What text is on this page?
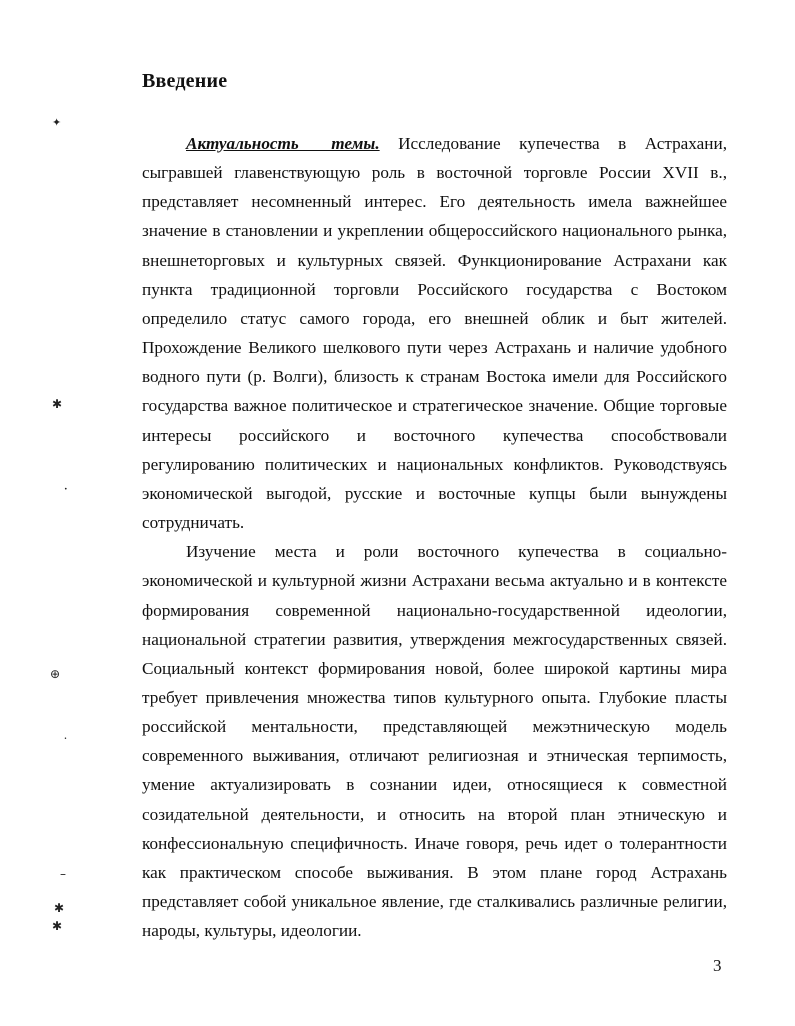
Введение

Актуальность темы. Исследование купечества в Астрахани, сыгравшей главенствующую роль в восточной торговле России XVII в., представляет несомненный интерес. Его деятельность имела важнейшее значение в становлении и укреплении общероссийского национального рынка, внешнеторговых и культурных связей. Функционирование Астрахани как пункта традиционной торговли Российского государства с Востоком определило статус самого города, его внешней облик и быт жителей. Прохождение Великого шелкового пути через Астрахань и наличие удобного водного пути (р. Волги), близость к странам Востока имели для Российского государства важное политическое и стратегическое значение. Общие торговые интересы российского и восточного купечества способствовали регулированию политических и национальных конфликтов. Руководствуясь экономической выгодой, русские и восточные купцы были вынуждены сотрудничать.

Изучение места и роли восточного купечества в социально-экономической и культурной жизни Астрахани весьма актуально и в контексте формирования современной национально-государственной идеологии, национальной стратегии развития, утверждения межгосударственных связей. Социальный контекст формирования новой, более широкой картины мира требует привлечения множества типов культурного опыта. Глубокие пласты российской ментальности, представляющей межэтническую модель современного выживания, отличают религиозная и этническая терпимость, умение актуализировать в сознании идеи, относящиеся к совместной созидательной деятельности, и относить на второй план этническую и конфессиональную специфичность. Иначе говоря, речь идет о толерантности как практическом способе выживания. В этом плане город Астрахань представляет собой уникальное явление, где сталкивались различные религии, народы, культуры, идеологии.

3
✦
✱
•
⊕
•
–
✱
✱
